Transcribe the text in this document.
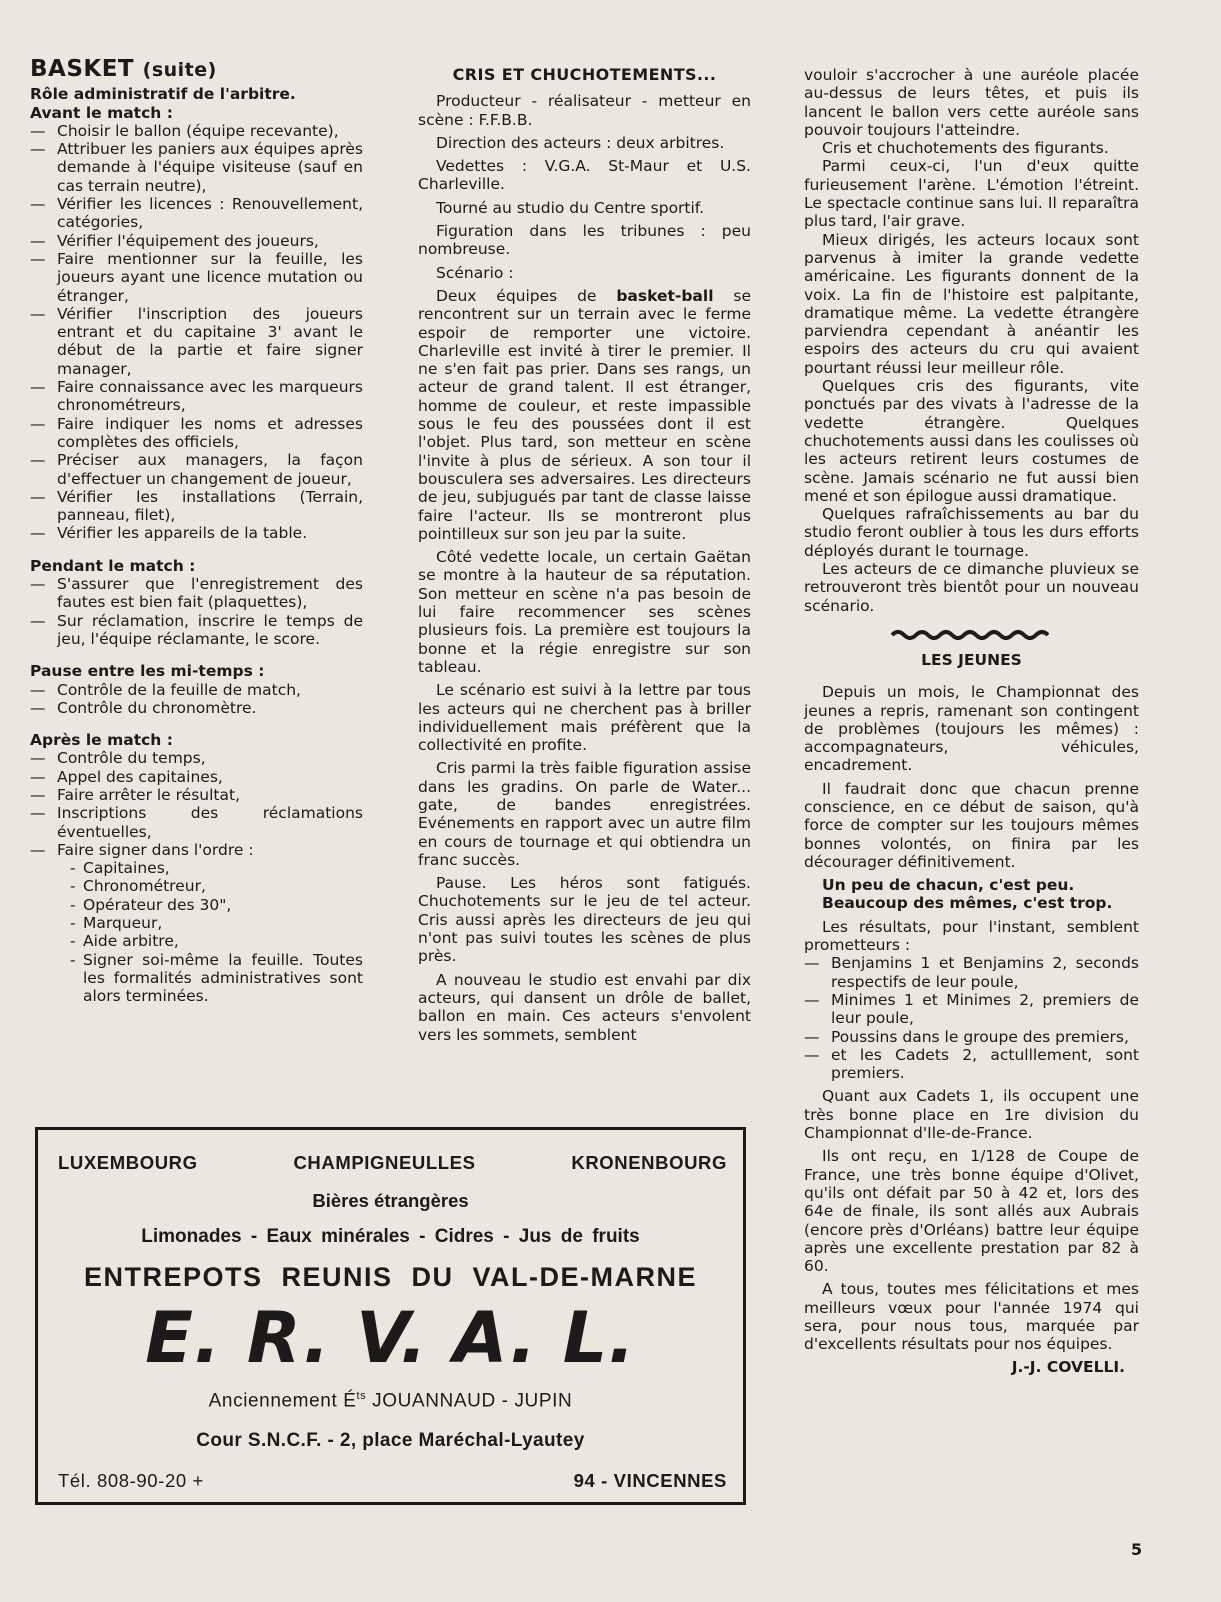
BASKET (suite)

Rôle administratif de l'arbitre.

Avant le match :

— Choisir le ballon (équipe recevante),
— Attribuer les paniers aux équipes après demande à l'équipe visiteuse (sauf en cas terrain neutre),
— Vérifier les licences : Renouvellement, catégories,
— Vérifier l'équipement des joueurs,
— Faire mentionner sur la feuille, les joueurs ayant une licence mutation ou étranger,
— Vérifier l'inscription des joueurs entrant et du capitaine 3' avant le début de la partie et faire signer manager,
— Faire connaissance avec les marqueurs chronométreurs,
— Faire indiquer les noms et adresses complètes des officiels,
— Préciser aux managers, la façon d'effectuer un changement de joueur,
— Vérifier les installations (Terrain, panneau, filet),
— Vérifier les appareils de la table.

Pendant le match :

— S'assurer que l'enregistrement des fautes est bien fait (plaquettes),
— Sur réclamation, inscrire le temps de jeu, l'équipe réclamante, le score.

Pause entre les mi-temps :

— Contrôle de la feuille de match,
— Contrôle du chronomètre.

Après le match :

— Contrôle du temps,
— Appel des capitaines,
— Faire arrêter le résultat,
— Inscriptions des réclamations éventuelles,
— Faire signer dans l'ordre :
- Capitaines,
- Chronométreur,
- Opérateur des 30",
- Marqueur,
- Aide arbitre,
- Signer soi-même la feuille. Toutes les formalités administratives sont alors terminées.

CRIS ET CHUCHOTEMENTS...

Producteur - réalisateur - metteur en scène : F.F.B.B.

Direction des acteurs : deux arbitres.

Vedettes : V.G.A. St-Maur et U.S. Charleville.

Tourné au studio du Centre sportif.

Figuration dans les tribunes : peu nombreuse.

Scénario :

Deux équipes de basket-ball se rencontrent sur un terrain avec le ferme espoir de remporter une victoire. Charleville est invité à tirer le premier. Il ne s'en fait pas prier. Dans ses rangs, un acteur de grand talent. Il est étranger, homme de couleur, et reste impassible sous le feu des poussées dont il est l'objet. Plus tard, son metteur en scène l'invite à plus de sérieux. A son tour il bousculera ses adversaires. Les directeurs de jeu, subjugués par tant de classe laisse faire l'acteur. Ils se montreront plus pointilleux sur son jeu par la suite.

Côté vedette locale, un certain Gaëtan se montre à la hauteur de sa réputation. Son metteur en scène n'a pas besoin de lui faire recommencer ses scènes plusieurs fois. La première est toujours la bonne et la régie enregistre sur son tableau.

Le scénario est suivi à la lettre par tous les acteurs qui ne cherchent pas à briller individuellement mais préfèrent que la collectivité en profite.

Cris parmi la très faible figuration assise dans les gradins. On parle de Water... gate, de bandes enregistrées. Evénements en rapport avec un autre film en cours de tournage et qui obtiendra un franc succès.

Pause. Les héros sont fatigués. Chuchotements sur le jeu de tel acteur. Cris aussi après les directeurs de jeu qui n'ont pas suivi toutes les scènes de plus près.

A nouveau le studio est envahi par dix acteurs, qui dansent un drôle de ballet, ballon en main. Ces acteurs s'envolent vers les sommets, semblent

vouloir s'accrocher à une auréole placée au-dessus de leurs têtes, et puis ils lancent le ballon vers cette auréole sans pouvoir toujours l'atteindre.

Cris et chuchotements des figurants.

Parmi ceux-ci, l'un d'eux quitte furieusement l'arène. L'émotion l'étreint. Le spectacle continue sans lui. Il reparaîtra plus tard, l'air grave.

Mieux dirigés, les acteurs locaux sont parvenus à imiter la grande vedette américaine. Les figurants donnent de la voix. La fin de l'histoire est palpitante, dramatique même. La vedette étrangère parviendra cependant à anéantir les espoirs des acteurs du cru qui avaient pourtant réussi leur meilleur rôle.

Quelques cris des figurants, vite ponctués par des vivats à l'adresse de la vedette étrangère. Quelques chuchotements aussi dans les coulisses où les acteurs retirent leurs costumes de scène. Jamais scénario ne fut aussi bien mené et son épilogue aussi dramatique.

Quelques rafraîchissements au bar du studio feront oublier à tous les durs efforts déployés durant le tournage.

Les acteurs de ce dimanche pluvieux se retrouveront très bientôt pour un nouveau scénario.

LES JEUNES

Depuis un mois, le Championnat des jeunes a repris, ramenant son contingent de problèmes (toujours les mêmes) : accompagnateurs, véhicules, encadrement.

Il faudrait donc que chacun prenne conscience, en ce début de saison, qu'à force de compter sur les toujours mêmes bonnes volontés, on finira par les décourager définitivement.

Un peu de chacun, c'est peu.

Beaucoup des mêmes, c'est trop.

Les résultats, pour l'instant, semblent prometteurs :

— Benjamins 1 et Benjamins 2, seconds respectifs de leur poule,
— Minimes 1 et Minimes 2, premiers de leur poule,
— Poussins dans le groupe des premiers,
— et les Cadets 2, actulllement, sont premiers.

Quant aux Cadets 1, ils occupent une très bonne place en 1re division du Championnat d'Ile-de-France.

Ils ont reçu, en 1/128 de Coupe de France, une très bonne équipe d'Olivet, qu'ils ont défait par 50 à 42 et, lors des 64e de finale, ils sont allés aux Aubrais (encore près d'Orléans) battre leur équipe après une excellente prestation par 82 à 60.

A tous, toutes mes félicitations et mes meilleurs vœux pour l'année 1974 qui sera, pour nous tous, marquée par d'excellents résultats pour nos équipes.

J.-J. COVELLI.
LUXEMBOURG	CHAMPIGNEULLES	KRONENBOURG
Bières étrangères
Limonades - Eaux minérales - Cidres - Jus de fruits
ENTREPOTS REUNIS DU VAL-DE-MARNE
E. R. V. A. L.
Anciennement $É^{ts}$ JOUANNAUD - JUPIN
Cour S.N.C.F. - 2, place Maréchal-Lyautey
Tél. 808-90-20 +	94 - VINCENNES
5
